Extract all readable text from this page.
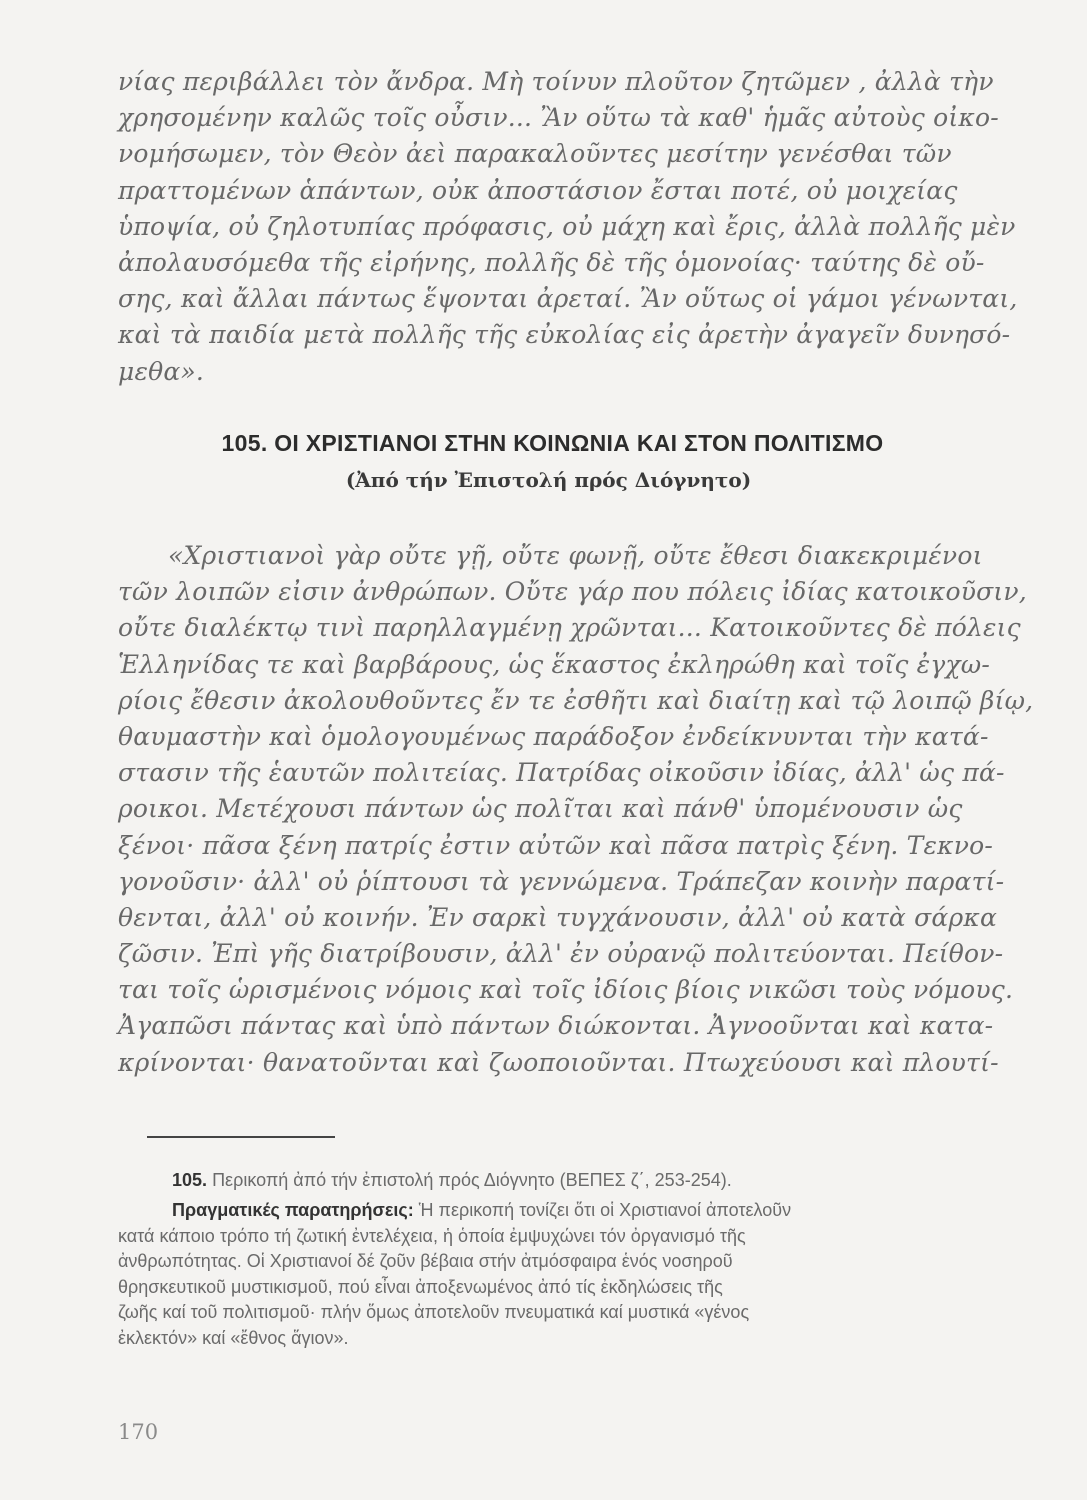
νίας περιβάλλει τὸν ἄνδρα. Μὴ τοίνυν πλοῦτον ζητῶμεν , ἀλλὰ τὴν
χρησομένην καλῶς τοῖς οὖσιν... Ἂν οὕτω τὰ καθ' ἡμᾶς αὐτοὺς οἰκο-
νομήσωμεν, τὸν Θεὸν ἀεὶ παρακαλοῦντες μεσίτην γενέσθαι τῶν
πραττομένων ἁπάντων, οὐκ ἀποστάσιον ἔσται ποτέ, οὐ μοιχείας
ὑποψία, οὐ ζηλοτυπίας πρόφασις, οὐ μάχη καὶ ἔρις, ἀλλὰ πολλῆς μὲν
ἀπολαυσόμεθα τῆς εἰρήνης, πολλῆς δὲ τῆς ὁμονοίας· ταύτης δὲ οὔ-
σης, καὶ ἄλλαι πάντως ἕψονται ἀρεταί. Ἂν οὕτως οἱ γάμοι γένωνται,
καὶ τὰ παιδία μετὰ πολλῆς τῆς εὐκολίας εἰς ἀρετὴν ἀγαγεῖν δυνησό-
μεθα».
105. ΟΙ ΧΡΙΣΤΙΑΝΟΙ ΣΤΗΝ ΚΟΙΝΩΝΙΑ ΚΑΙ ΣΤΟΝ ΠΟΛΙΤΙΣΜΟ
(Ἀπό τήν Ἐπιστολή πρός Διόγνητο)
«Χριστιανοὶ γὰρ οὔτε γῇ, οὔτε φωνῇ, οὔτε ἔθεσι διακεκριμένοι
τῶν λοιπῶν εἰσιν ἀνθρώπων. Οὔτε γάρ που πόλεις ἰδίας κατοικοῦσιν,
οὔτε διαλέκτῳ τινὶ παρηλλαγμένῃ χρῶνται... Κατοικοῦντες δὲ πόλεις
Ἑλληνίδας τε καὶ βαρβάρους, ὡς ἕκαστος ἐκληρώθη καὶ τοῖς ἐγχω-
ρίοις ἔθεσιν ἀκολουθοῦντες ἔν τε ἐσθῆτι καὶ διαίτῃ καὶ τῷ λοιπῷ βίῳ,
θαυμαστὴν καὶ ὁμολογουμένως παράδοξον ἐνδείκνυνται τὴν κατά-
στασιν τῆς ἑαυτῶν πολιτείας. Πατρίδας οἰκοῦσιν ἰδίας, ἀλλ' ὡς πά-
ροικοι. Μετέχουσι πάντων ὡς πολῖται καὶ πάνθ' ὑπομένουσιν ὡς
ξένοι· πᾶσα ξένη πατρίς ἐστιν αὐτῶν καὶ πᾶσα πατρὶς ξένη. Τεκνο-
γονοῦσιν· ἀλλ' οὐ ῥίπτουσι τὰ γεννώμενα. Τράπεζαν κοινὴν παρατί-
θενται, ἀλλ' οὐ κοινήν. Ἐν σαρκὶ τυγχάνουσιν, ἀλλ' οὐ κατὰ σάρκα
ζῶσιν. Ἐπὶ γῆς διατρίβουσιν, ἀλλ' ἐν οὐρανῷ πολιτεύονται. Πείθον-
ται τοῖς ὡρισμένοις νόμοις καὶ τοῖς ἰδίοις βίοις νικῶσι τοὺς νόμους.
Ἀγαπῶσι πάντας καὶ ὑπὸ πάντων διώκονται. Ἀγνοοῦνται καὶ κατα-
κρίνονται· θανατοῦνται καὶ ζωοποιοῦνται. Πτωχεύουσι καὶ πλουτί-
105. Περικοπή ἀπό τήν ἐπιστολή πρός Διόγνητο (ΒΕΠΕΣ ζ΄, 253-254).
Πραγματικές παρατηρήσεις: Ἡ περικοπή τονίζει ὅτι οἱ Χριστιανοί ἀποτελοῦν
κατά κάποιο τρόπο τή ζωτική ἐντελέχεια, ἡ ὁποία ἐμψυχώνει τόν ὀργανισμό τῆς
ἀνθρωπότητας. Οἱ Χριστιανοί δέ ζοῦν βέβαια στήν ἀτμόσφαιρα ἑνός νοσηροῦ
θρησκευτικοῦ μυστικισμοῦ, πού εἶναι ἀποξενωμένος ἀπό τίς ἐκδηλώσεις τῆς
ζωῆς καί τοῦ πολιτισμοῦ· πλήν ὅμως ἀποτελοῦν πνευματικά καί μυστικά «γένος
ἐκλεκτόν» καί «ἔθνος ἅγιον».
170
